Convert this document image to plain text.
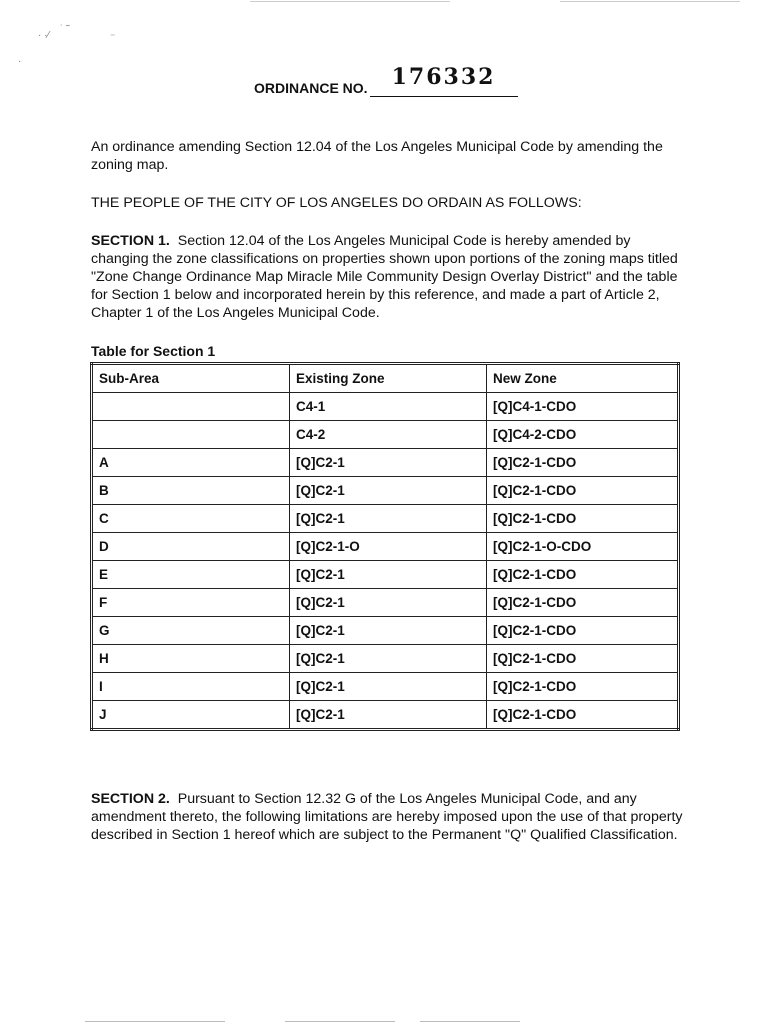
· ·⁄
˙ ˜
⁻
·
ORDINANCE NO.	176332
An ordinance amending Section 12.04 of the Los Angeles Municipal Code by amending the zoning map.
THE PEOPLE OF THE CITY OF LOS ANGELES DO ORDAIN AS FOLLOWS:
SECTION 1. Section 12.04 of the Los Angeles Municipal Code is hereby amended by changing the zone classifications on properties shown upon portions of the zoning maps titled "Zone Change Ordinance Map Miracle Mile Community Design Overlay District" and the table for Section 1 below and incorporated herein by this reference, and made a part of Article 2, Chapter 1 of the Los Angeles Municipal Code.
Table for Section 1
Sub-Area	Existing Zone	New Zone
	C4-1	[Q]C4-1-CDO
	C4-2	[Q]C4-2-CDO
A	[Q]C2-1	[Q]C2-1-CDO
B	[Q]C2-1	[Q]C2-1-CDO
C	[Q]C2-1	[Q]C2-1-CDO
D	[Q]C2-1-O	[Q]C2-1-O-CDO
E	[Q]C2-1	[Q]C2-1-CDO
F	[Q]C2-1	[Q]C2-1-CDO
G	[Q]C2-1	[Q]C2-1-CDO
H	[Q]C2-1	[Q]C2-1-CDO
I	[Q]C2-1	[Q]C2-1-CDO
J	[Q]C2-1	[Q]C2-1-CDO
SECTION 2. Pursuant to Section 12.32 G of the Los Angeles Municipal Code, and any amendment thereto, the following limitations are hereby imposed upon the use of that property described in Section 1 hereof which are subject to the Permanent "Q" Qualified Classification.
